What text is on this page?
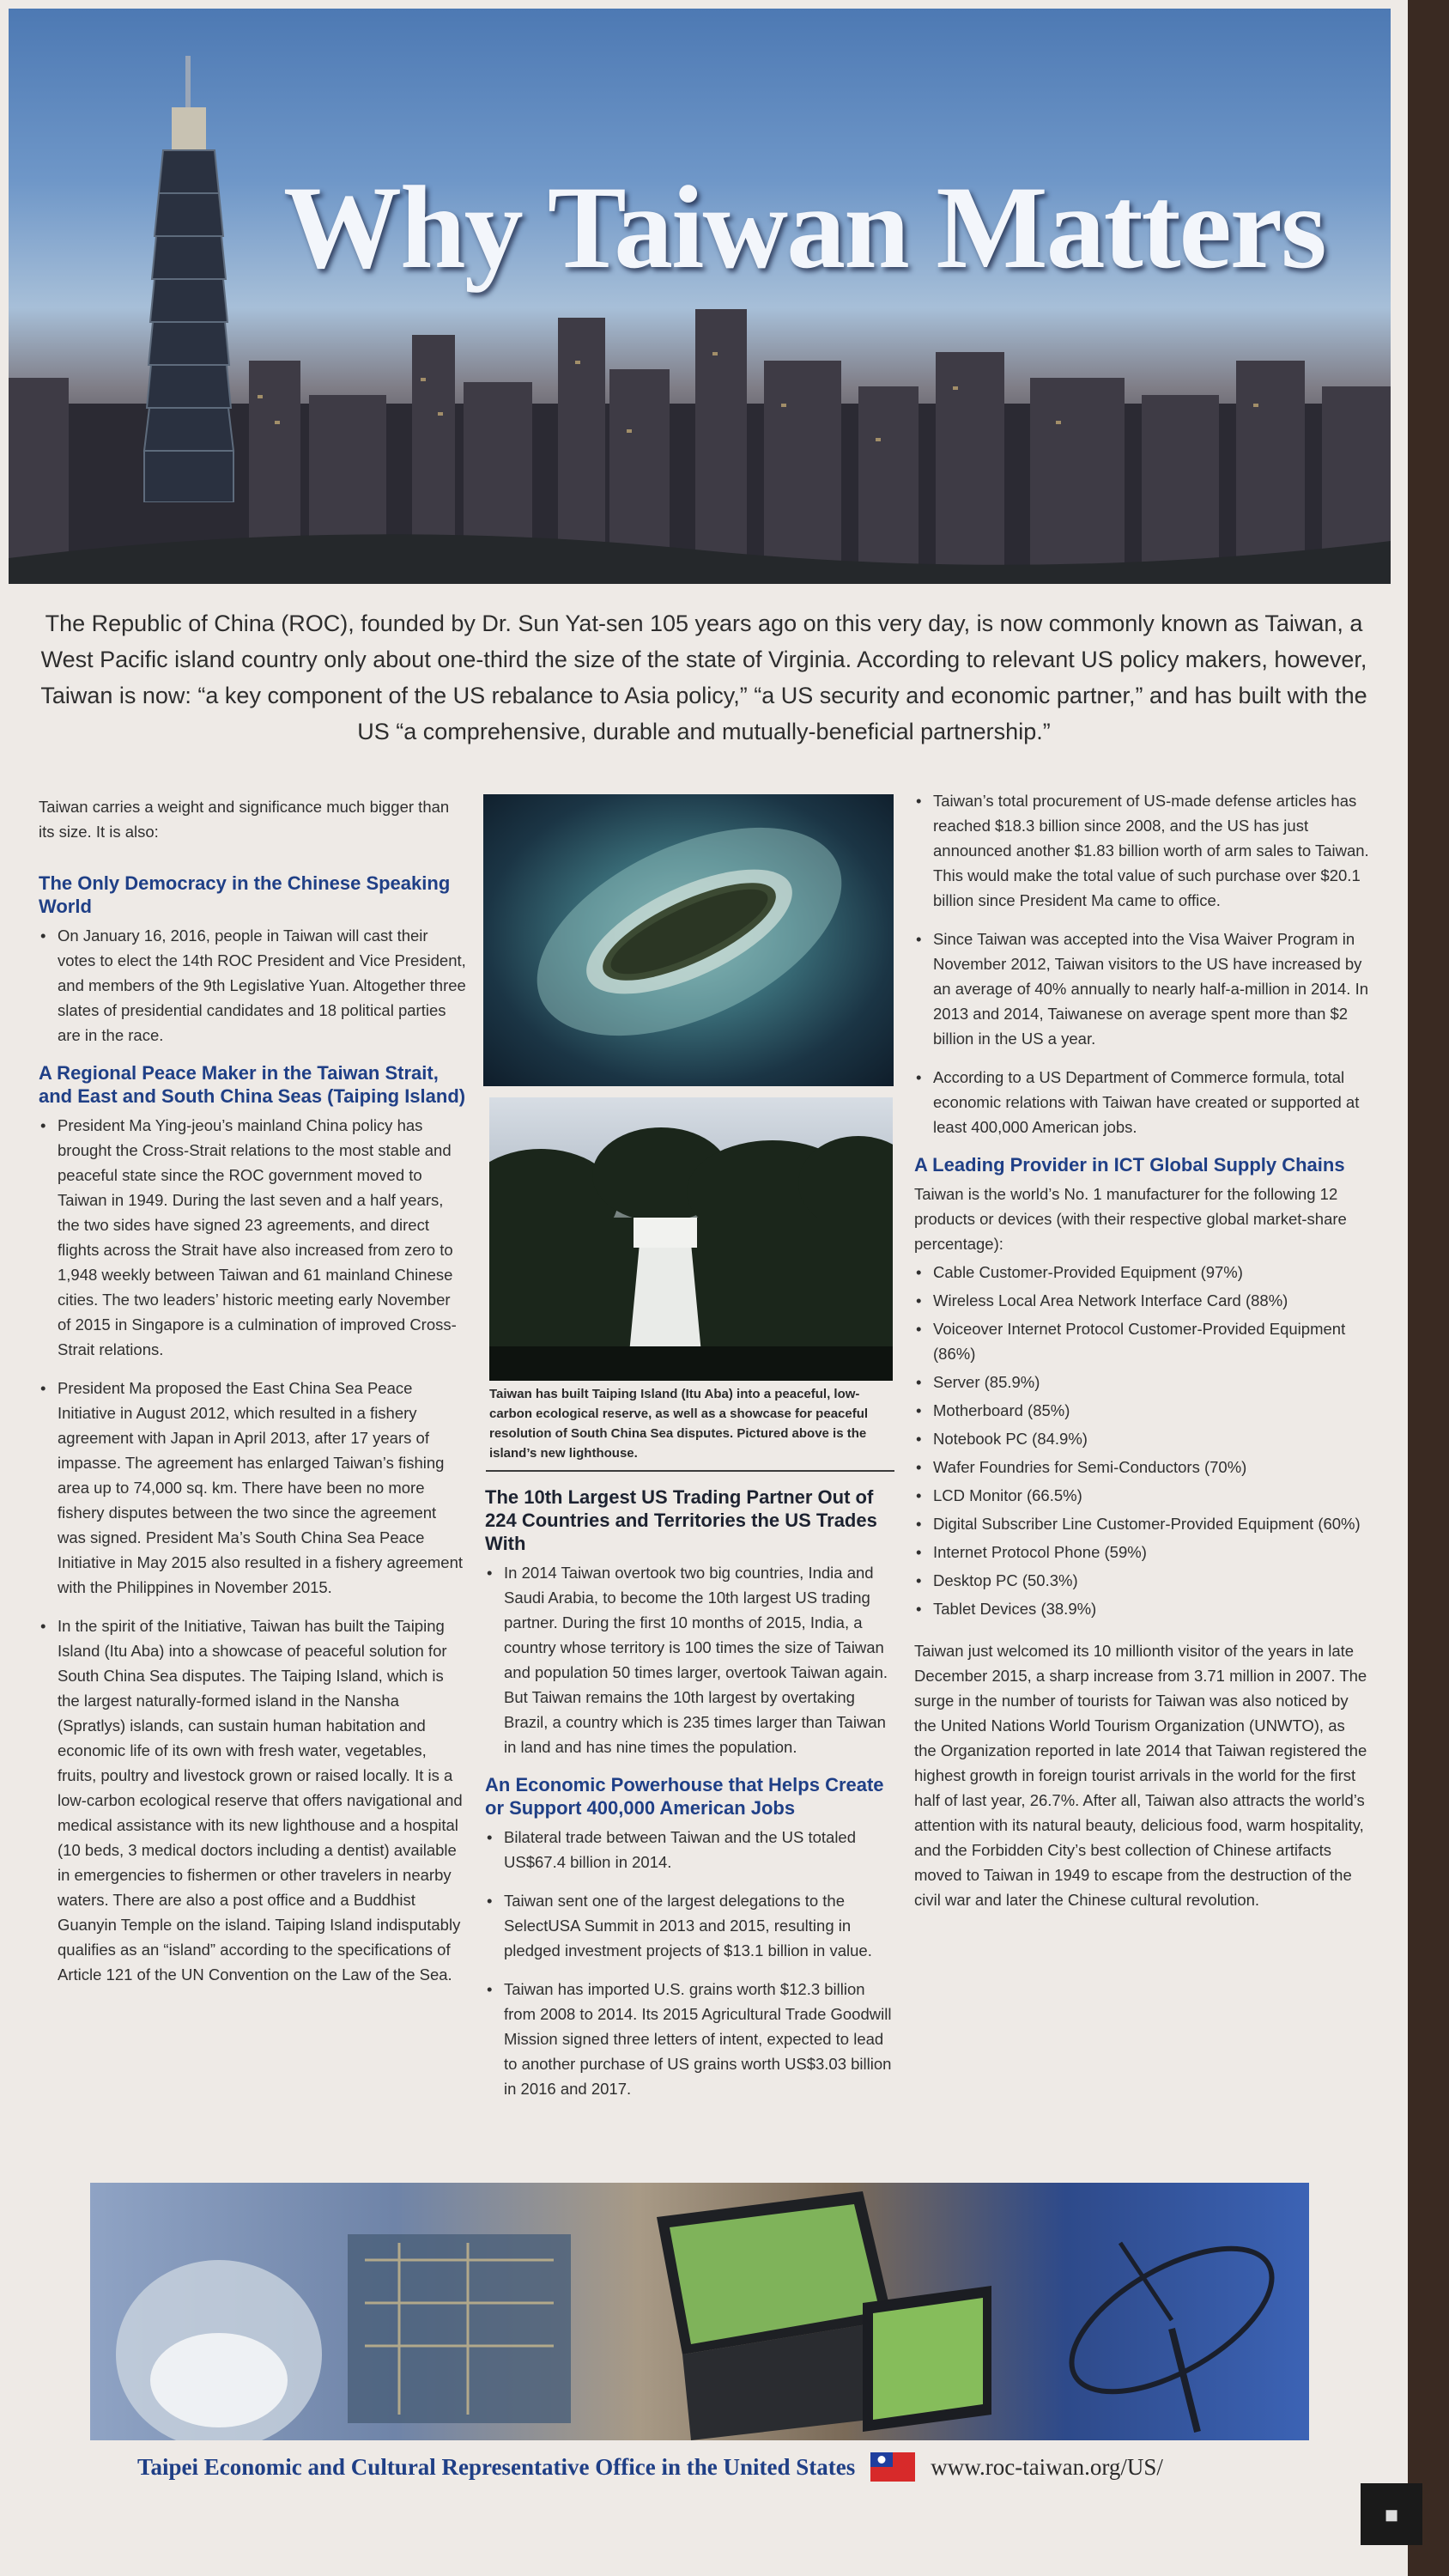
Why Taiwan Matters
The Republic of China (ROC), founded by Dr. Sun Yat-sen 105 years ago on this very day, is now commonly known as Taiwan, a West Pacific island country only about one-third the size of the state of Virginia. According to relevant US policy makers, however, Taiwan is now: “a key component of the US rebalance to Asia policy,” “a US security and economic partner,” and has built with the US “a comprehensive, durable and mutually-beneficial partnership.”

Taiwan carries a weight and significance much bigger than its size. It is also:

The Only Democracy in the Chinese Speaking World
• On January 16, 2016, people in Taiwan will cast their votes to elect the 14th ROC President and Vice President, and members of the 9th Legislative Yuan. Altogether three slates of presidential candidates and 18 political parties are in the race.
A Regional Peace Maker in the Taiwan Strait, and East and South China Seas (Taiping Island)
• President Ma Ying-jeou’s mainland China policy has brought the Cross-Strait relations to the most stable and peaceful state since the ROC government moved to Taiwan in 1949. During the last seven and a half years, the two sides have signed 23 agreements, and direct flights across the Strait have also increased from zero to 1,948 weekly between Taiwan and 61 mainland Chinese cities. The two leaders’ historic meeting early November of 2015 in Singapore is a culmination of improved Cross-Strait relations.
• President Ma proposed the East China Sea Peace Initiative in August 2012, which resulted in a fishery agreement with Japan in April 2013, after 17 years of impasse. The agreement has enlarged Taiwan’s fishing area up to 74,000 sq. km. There have been no more fishery disputes between the two since the agreement was signed. President Ma’s South China Sea Peace Initiative in May 2015 also resulted in a fishery agreement with the Philippines in November 2015.
• In the spirit of the Initiative, Taiwan has built the Taiping Island (Itu Aba) into a showcase of peaceful solution for South China Sea disputes. The Taiping Island, which is the largest naturally-formed island in the Nansha (Spratlys) islands, can sustain human habitation and economic life of its own with fresh water, vegetables, fruits, poultry and livestock grown or raised locally. It is a low-carbon ecological reserve that offers navigational and medical assistance with its new lighthouse and a hospital (10 beds, 3 medical doctors including a dentist) available in emergencies to fishermen or other travelers in nearby waters. There are also a post office and a Buddhist Guanyin Temple on the island. Taiping Island indisputably qualifies as an “island” according to the specifications of Article 121 of the UN Convention on the Law of the Sea.
Taiwan has built Taiping Island (Itu Aba) into a peaceful, low-carbon ecological reserve, as well as a showcase for peaceful resolution of South China Sea disputes. Pictured above is the island’s new lighthouse.
The 10th Largest US Trading Partner Out of 224 Countries and Territories the US Trades With
• In 2014 Taiwan overtook two big countries, India and Saudi Arabia, to become the 10th largest US trading partner. During the first 10 months of 2015, India, a country whose territory is 100 times the size of Taiwan and population 50 times larger, overtook Taiwan again. But Taiwan remains the 10th largest by overtaking Brazil, a country which is 235 times larger than Taiwan in land and has nine times the population.
An Economic Powerhouse that Helps Create or Support 400,000 American Jobs
• Bilateral trade between Taiwan and the US totaled US$67.4 billion in 2014.
• Taiwan sent one of the largest delegations to the SelectUSA Summit in 2013 and 2015, resulting in pledged investment projects of $13.1 billion in value.
• Taiwan has imported U.S. grains worth $12.3 billion from 2008 to 2014. Its 2015 Agricultural Trade Goodwill Mission signed three letters of intent, expected to lead to another purchase of US grains worth US$3.03 billion in 2016 and 2017.
• Taiwan’s total procurement of US-made defense articles has reached $18.3 billion since 2008, and the US has just announced another $1.83 billion worth of arm sales to Taiwan. This would make the total value of such purchase over $20.1 billion since President Ma came to office.
• Since Taiwan was accepted into the Visa Waiver Program in November 2012, Taiwan visitors to the US have increased by an average of 40% annually to nearly half-a-million in 2014. In 2013 and 2014, Taiwanese on average spent more than $2 billion in the US a year.
• According to a US Department of Commerce formula, total economic relations with Taiwan have created or supported at least 400,000 American jobs.
A Leading Provider in ICT Global Supply Chains

Taiwan is the world’s No. 1 manufacturer for the following 12 products or devices (with their respective global market-share percentage):

• Cable Customer-Provided Equipment (97%)
• Wireless Local Area Network Interface Card (88%)
• Voiceover Internet Protocol Customer-Provided Equipment (86%)
• Server (85.9%)
• Motherboard (85%)
• Notebook PC (84.9%)
• Wafer Foundries for Semi-Conductors (70%)
• LCD Monitor (66.5%)
• Digital Subscriber Line Customer-Provided Equipment (60%)
• Internet Protocol Phone (59%)
• Desktop PC (50.3%)
• Tablet Devices (38.9%)

Taiwan just welcomed its 10 millionth visitor of the years in late December 2015, a sharp increase from 3.71 million in 2007. The surge in the number of tourists for Taiwan was also noticed by the United Nations World Tourism Organization (UNWTO), as the Organization reported in late 2014 that Taiwan registered the highest growth in foreign tourist arrivals in the world for the first half of last year, 26.7%. After all, Taiwan also attracts the world’s attention with its natural beauty, delicious food, warm hospitality, and the Forbidden City’s best collection of Chinese artifacts moved to Taiwan in 1949 to escape from the destruction of the civil war and later the Chinese cultural revolution.

Taipei Economic and Cultural Representative Office in the United States	www.roc-taiwan.org/US/
◼
